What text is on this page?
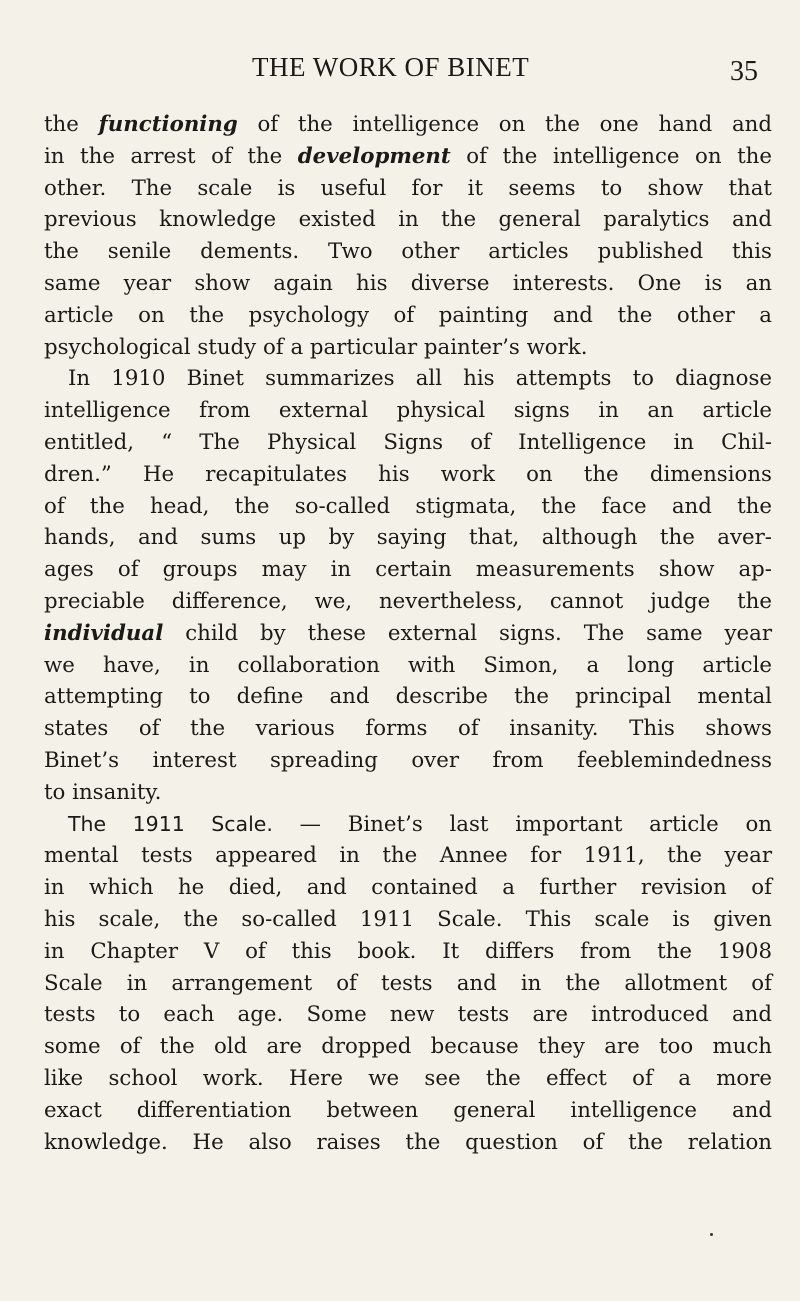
THE WORK OF BINET	35
the functioning of the intelligence on the one hand and
in the arrest of the development of the intelligence on the
other. The scale is useful for it seems to show that
previous knowledge existed in the general paralytics and
the senile dements. Two other articles published this
same year show again his diverse interests. One is an
article on the psychology of painting and the other a
psychological study of a particular painter’s work.
In 1910 Binet summarizes all his attempts to diagnose
intelligence from external physical signs in an article
entitled, “ The Physical Signs of Intelligence in Chil-
dren.” He recapitulates his work on the dimensions
of the head, the so-called stigmata, the face and the
hands, and sums up by saying that, although the aver-
ages of groups may in certain measurements show ap-
preciable difference, we, nevertheless, cannot judge the
individual child by these external signs. The same year
we have, in collaboration with Simon, a long article
attempting to define and describe the principal mental
states of the various forms of insanity. This shows
Binet’s interest spreading over from feeblemindedness
to insanity.
The 1911 Scale. — Binet’s last important article on
mental tests appeared in the Annee for 1911, the year
in which he died, and contained a further revision of
his scale, the so-called 1911 Scale. This scale is given
in Chapter V of this book. It differs from the 1908
Scale in arrangement of tests and in the allotment of
tests to each age. Some new tests are introduced and
some of the old are dropped because they are too much
like school work. Here we see the effect of a more
exact differentiation between general intelligence and
knowledge. He also raises the question of the relation
